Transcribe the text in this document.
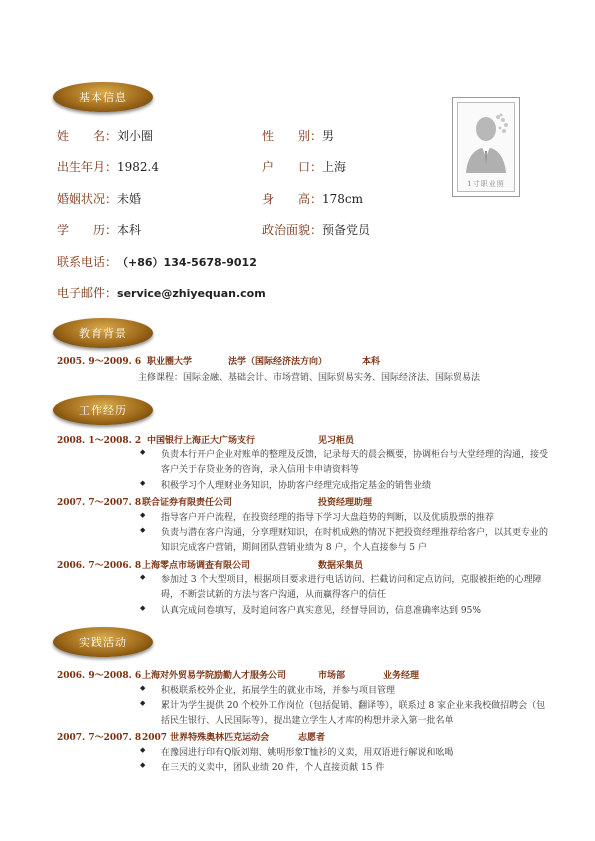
基本信息
教育背景
工作经历
实践活动
姓　　名：刘小圈	性　　别：男
出生年月：1982.4	户　　口：上海
婚姻状况：未婚	身　　高：178cm
学　　历：本科	政治面貌：预备党员
联系电话：（+86）134-5678-9012
电子邮件：service@zhiyequan.com
1寸职业照
2005. 9～2009. 6 职业圈大学	法学（国际经济法方向）	本科
主修课程：国际金融、基础会计、市场营销、国际贸易实务、国际经济法、国际贸易法
2008. 1～2008. 2 中国银行上海正大广场支行	见习柜员
◆ 负责本行开户企业对账单的整理及反馈，记录每天的晨会概要，协调柜台与大堂经理的沟通，接受客户关于存贷业务的咨询，录入信用卡申请资料等
◆ 积极学习个人理财业务知识，协助客户经理完成指定基金的销售业绩
2007. 7～2007. 8 联合证券有限责任公司	投资经理助理
◆ 指导客户开户流程，在投资经理的指导下学习大盘趋势的判断，以及优质股票的推荐
◆ 负责与潜在客户沟通，分享理财知识，在时机成熟的情况下把投资经理推荐给客户，以其更专业的知识完成客户营销，期间团队营销业绩为 8 户，个人直接参与 5 户
2006. 7～2006. 8 上海零点市场调查有限公司	数据采集员
◆ 参加过 3 个大型项目，根据项目要求进行电话访问、拦截访问和定点访问，克服被拒绝的心理障碍，不断尝试新的方法与客户沟通，从而赢得客户的信任
◆ 认真完成问卷填写，及时追问客户真实意见，经督导回访，信息准确率达到 95%
2006. 9～2008. 6 上海对外贸易学院励勤人才服务公司	市场部	业务经理
◆ 积极联系校外企业，拓展学生的就业市场，并参与项目管理
◆ 累计为学生提供 20 个校外工作岗位（包括促销、翻译等），联系过 8 家企业来我校做招聘会（包括民生银行、人民国际等），提出建立学生人才库的构想并录入第一批名单
2007. 7～2007. 8 2007 世界特殊奥林匹克运动会	志愿者
◆ 在豫园进行印有Q版刘翔、姚明形象T恤衫的义卖，用双语进行解说和吆喝
◆ 在三天的义卖中，团队业绩 20 件，个人直接贡献 15 件
